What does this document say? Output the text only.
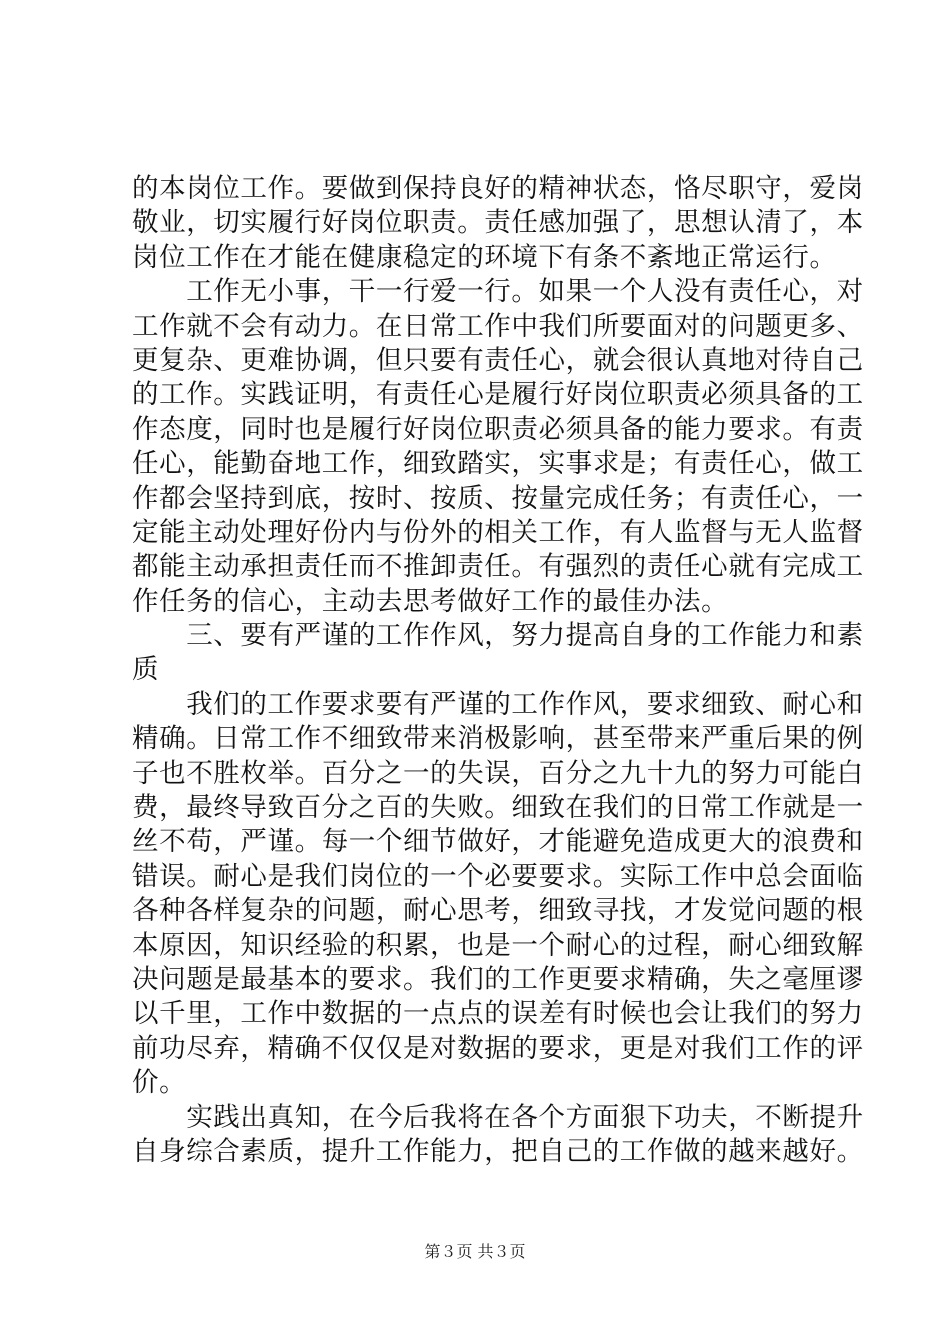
的本岗位工作。要做到保持良好的精神状态，恪尽职守，爱岗
敬业，切实履行好岗位职责。责任感加强了，思想认清了，本
岗位工作在才能在健康稳定的环境下有条不紊地正常运行。
　　工作无小事，干一行爱一行。如果一个人没有责任心，对
工作就不会有动力。在日常工作中我们所要面对的问题更多、
更复杂、更难协调，但只要有责任心，就会很认真地对待自己
的工作。实践证明，有责任心是履行好岗位职责必须具备的工
作态度，同时也是履行好岗位职责必须具备的能力要求。有责
任心，能勤奋地工作，细致踏实，实事求是；有责任心，做工
作都会坚持到底，按时、按质、按量完成任务；有责任心，一
定能主动处理好份内与份外的相关工作，有人监督与无人监督
都能主动承担责任而不推卸责任。有强烈的责任心就有完成工
作任务的信心，主动去思考做好工作的最佳办法。
　　三、要有严谨的工作作风，努力提高自身的工作能力和素
质
　　我们的工作要求要有严谨的工作作风，要求细致、耐心和
精确。日常工作不细致带来消极影响，甚至带来严重后果的例
子也不胜枚举。百分之一的失误，百分之九十九的努力可能白
费，最终导致百分之百的失败。细致在我们的日常工作就是一
丝不苟，严谨。每一个细节做好，才能避免造成更大的浪费和
错误。耐心是我们岗位的一个必要要求。实际工作中总会面临
各种各样复杂的问题，耐心思考，细致寻找，才发觉问题的根
本原因，知识经验的积累，也是一个耐心的过程，耐心细致解
决问题是最基本的要求。我们的工作更要求精确，失之毫厘谬
以千里，工作中数据的一点点的误差有时候也会让我们的努力
前功尽弃，精确不仅仅是对数据的要求，更是对我们工作的评
价。
　　实践出真知，在今后我将在各个方面狠下功夫，不断提升
自身综合素质，提升工作能力，把自己的工作做的越来越好。
第３页 共３页
